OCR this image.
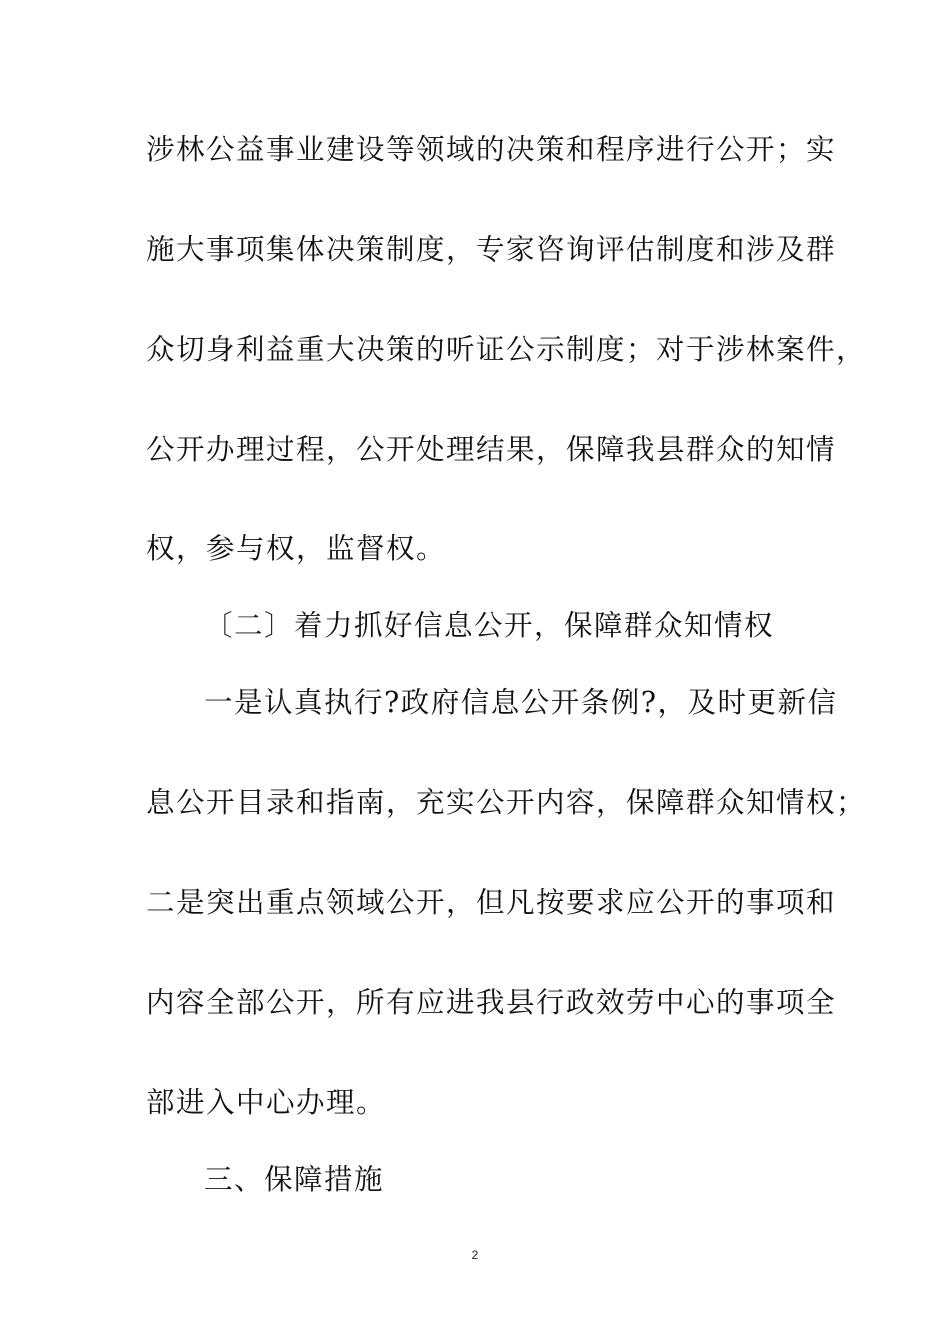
涉林公益事业建设等领域的决策和程序进行公开；实
施大事项集体决策制度，专家咨询评估制度和涉及群
众切身利益重大决策的听证公示制度；对于涉林案件，
公开办理过程，公开处理结果，保障我县群众的知情
权，参与权，监督权。
〔二〕着力抓好信息公开，保障群众知情权
一是认真执行?政府信息公开条例?，及时更新信
息公开目录和指南，充实公开内容，保障群众知情权；
二是突出重点领域公开，但凡按要求应公开的事项和
内容全部公开，所有应进我县行政效劳中心的事项全
部进入中心办理。
三、保障措施
2
